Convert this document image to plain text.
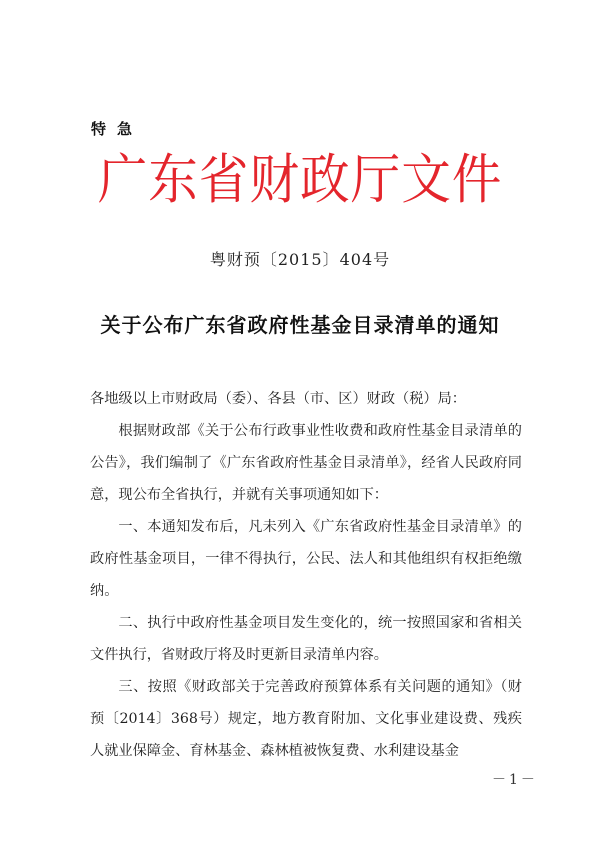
特急
广东省财政厅文件
粤财预〔2015〕404号
关于公布广东省政府性基金目录清单的通知

各地级以上市财政局（委）、各县（市、区）财政（税）局：

根据财政部《关于公布行政事业性收费和政府性基金目录清单的公告》，我们编制了《广东省政府性基金目录清单》，经省人民政府同意，现公布全省执行，并就有关事项通知如下：

一、本通知发布后，凡未列入《广东省政府性基金目录清单》的政府性基金项目，一律不得执行，公民、法人和其他组织有权拒绝缴纳。

二、执行中政府性基金项目发生变化的，统一按照国家和省相关文件执行，省财政厅将及时更新目录清单内容。

三、按照《财政部关于完善政府预算体系有关问题的通知》（财预〔2014〕368号）规定，地方教育附加、文化事业建设费、残疾人就业保障金、育林基金、森林植被恢复费、水利建设基金

－1－
